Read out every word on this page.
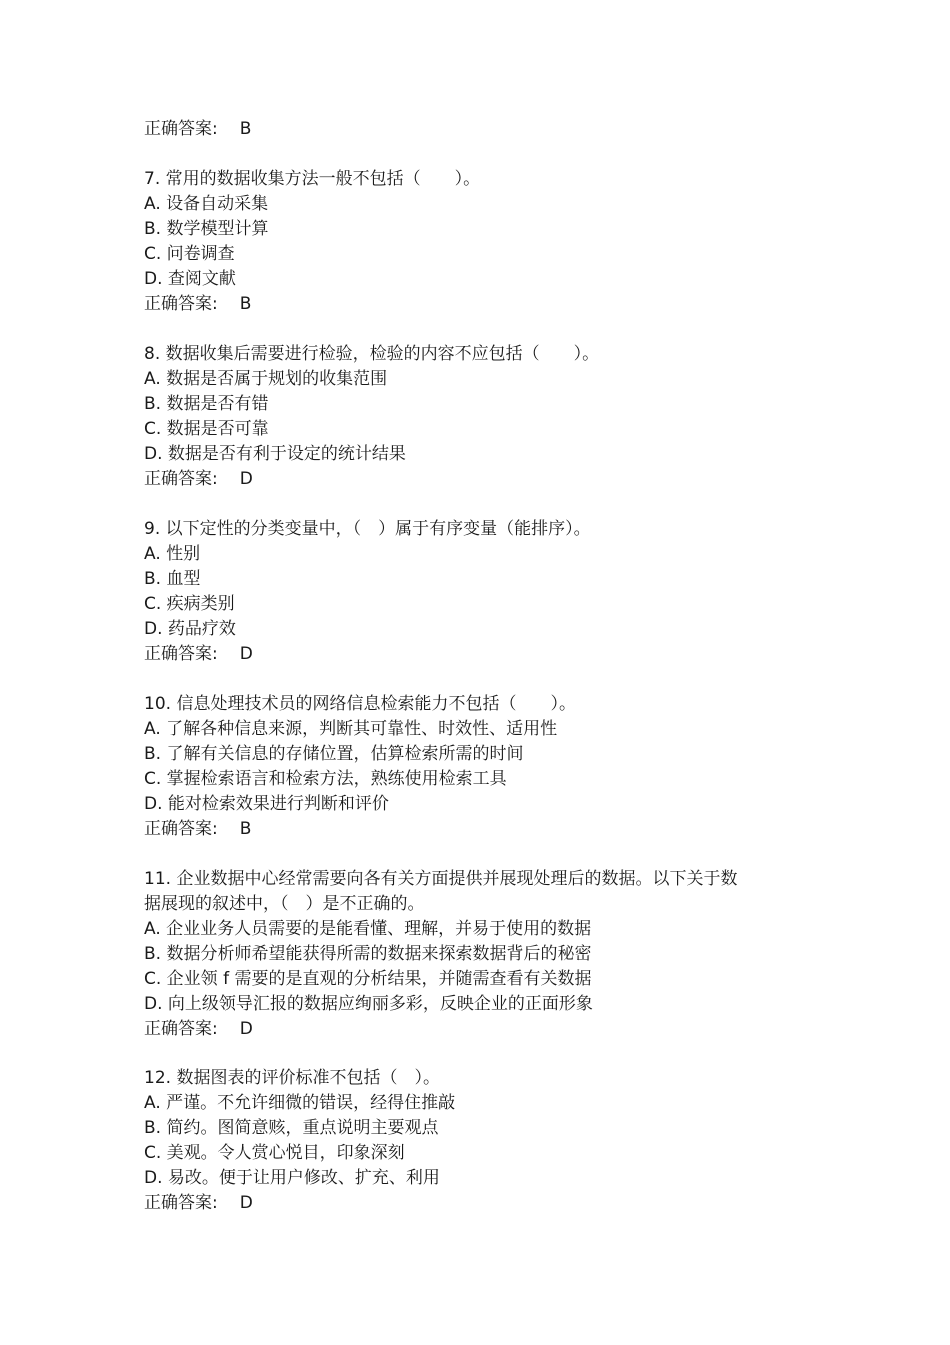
正确答案: B
7. 常用的数据收集方法一般不包括（　　）。
A. 设备自动采集
B. 数学模型计算
C. 问卷调查
D. 查阅文献
正确答案: B
8. 数据收集后需要进行检验，检验的内容不应包括（　　）。
A. 数据是否属于规划的收集范围
B. 数据是否有错
C. 数据是否可靠
D. 数据是否有利于设定的统计结果
正确答案: D
9. 以下定性的分类变量中，（　）属于有序变量（能排序）。
A. 性别
B. 血型
C. 疾病类别
D. 药品疗效
正确答案: D
10. 信息处理技术员的网络信息检索能力不包括（　　）。
A. 了解各种信息来源，判断其可靠性、时效性、适用性
B. 了解有关信息的存储位置，估算检索所需的时间
C. 掌握检索语言和检索方法，熟练使用检索工具
D. 能对检索效果进行判断和评价
正确答案: B
11. 企业数据中心经常需要向各有关方面提供并展现处理后的数据。以下关于数
据展现的叙述中，（　）是不正确的。
A. 企业业务人员需要的是能看懂、理解，并易于使用的数据
B. 数据分析师希望能获得所需的数据来探索数据背后的秘密
C. 企业领 f 需要的是直观的分析结果，并随需查看有关数据
D. 向上级领导汇报的数据应绚丽多彩，反映企业的正面形象
正确答案: D
12. 数据图表的评价标准不包括（　）。
A. 严谨。不允许细微的错误，经得住推敲
B. 简约。图简意赅，重点说明主要观点
C. 美观。令人赏心悦目，印象深刻
D. 易改。便于让用户修改、扩充、利用
正确答案: D
